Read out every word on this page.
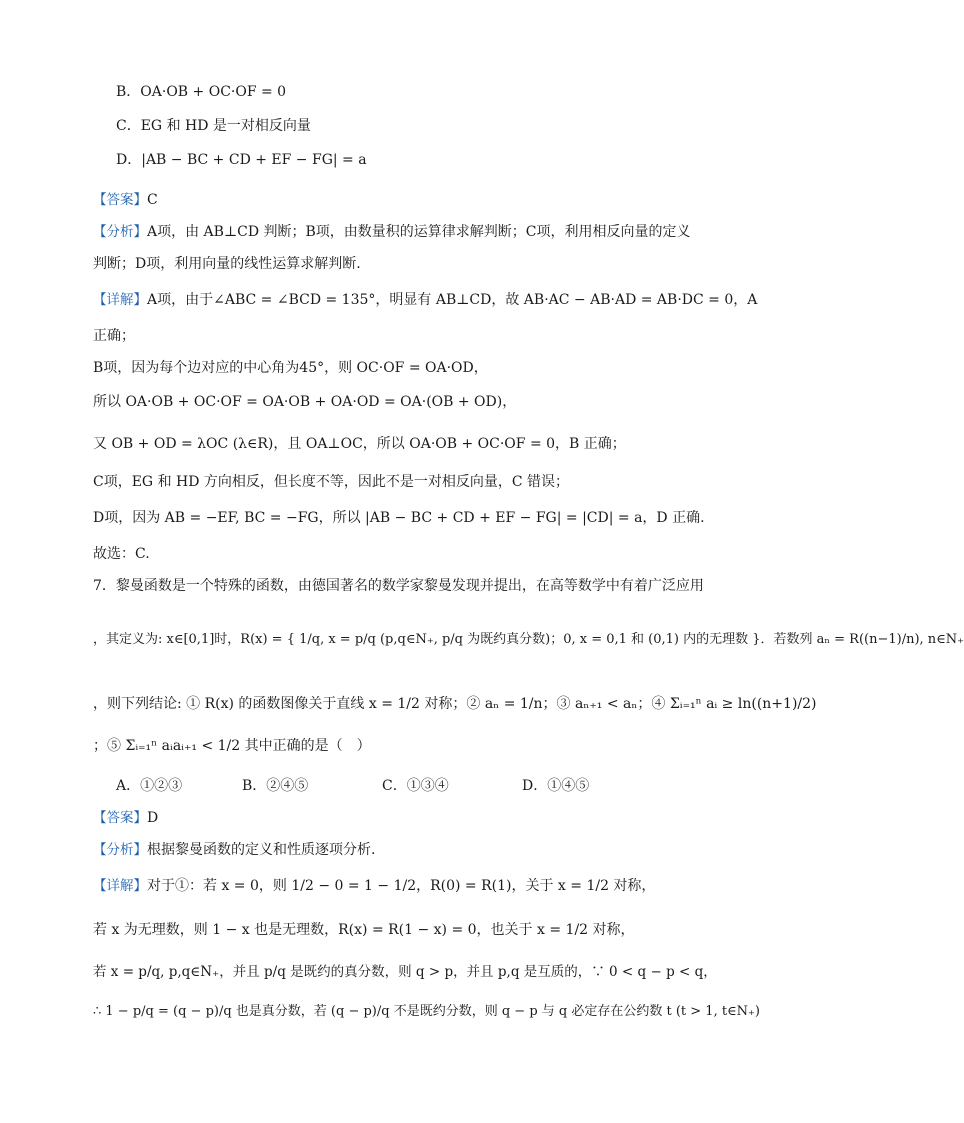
B．OA·OB + OC·OF = 0
C．EG 和 HD 是一对相反向量
D．|AB − BC + CD + EF − FG| = a
【答案】C
【分析】A项，由 AB⊥CD 判断；B项，由数量积的运算律求解判断；C项，利用相反向量的定义
判断；D项，利用向量的线性运算求解判断.
【详解】A项，由于∠ABC = ∠BCD = 135°，明显有 AB⊥CD，故 AB·AC − AB·AD = AB·DC = 0，A
正确；
B项，因为每个边对应的中心角为45°，则 OC·OF = OA·OD，
所以 OA·OB + OC·OF = OA·OB + OA·OD = OA·(OB + OD)，
又 OB + OD = λOC (λ∈R)，且 OA⊥OC，所以 OA·OB + OC·OF = 0，B 正确；
C项，EG 和 HD 方向相反，但长度不等，因此不是一对相反向量，C 错误；
D项，因为 AB = −EF, BC = −FG，所以 |AB − BC + CD + EF − FG| = |CD| = a，D 正确.
故选：C.
7．黎曼函数是一个特殊的函数，由德国著名的数学家黎曼发现并提出，在高等数学中有着广泛应用
，其定义为: x∈[0,1]时，R(x) = { 1/q, x = p/q (p,q∈N₊, p/q 为既约真分数)；0, x = 0,1 和 (0,1) 内的无理数 }．若数列 aₙ = R((n−1)/n), n∈N₊
，则下列结论: ① R(x) 的函数图像关于直线 x = 1/2 对称；② aₙ = 1/n；③ aₙ₊₁ < aₙ；④ Σᵢ₌₁ⁿ aᵢ ≥ ln((n+1)/2)
；⑤ Σᵢ₌₁ⁿ aᵢaᵢ₊₁ < 1/2 其中正确的是（　）
A．①②③	B．②④⑤	C．①③④	D．①④⑤
【答案】D
【分析】根据黎曼函数的定义和性质逐项分析.
【详解】对于①：若 x = 0，则 1/2 − 0 = 1 − 1/2，R(0) = R(1)，关于 x = 1/2 对称，
若 x 为无理数，则 1 − x 也是无理数，R(x) = R(1 − x) = 0，也关于 x = 1/2 对称，
若 x = p/q, p,q∈N₊，并且 p/q 是既约的真分数，则 q > p，并且 p,q 是互质的，∵ 0 < q − p < q，
∴ 1 − p/q = (q − p)/q 也是真分数，若 (q − p)/q 不是既约分数，则 q − p 与 q 必定存在公约数 t (t > 1, t∈N₊)
